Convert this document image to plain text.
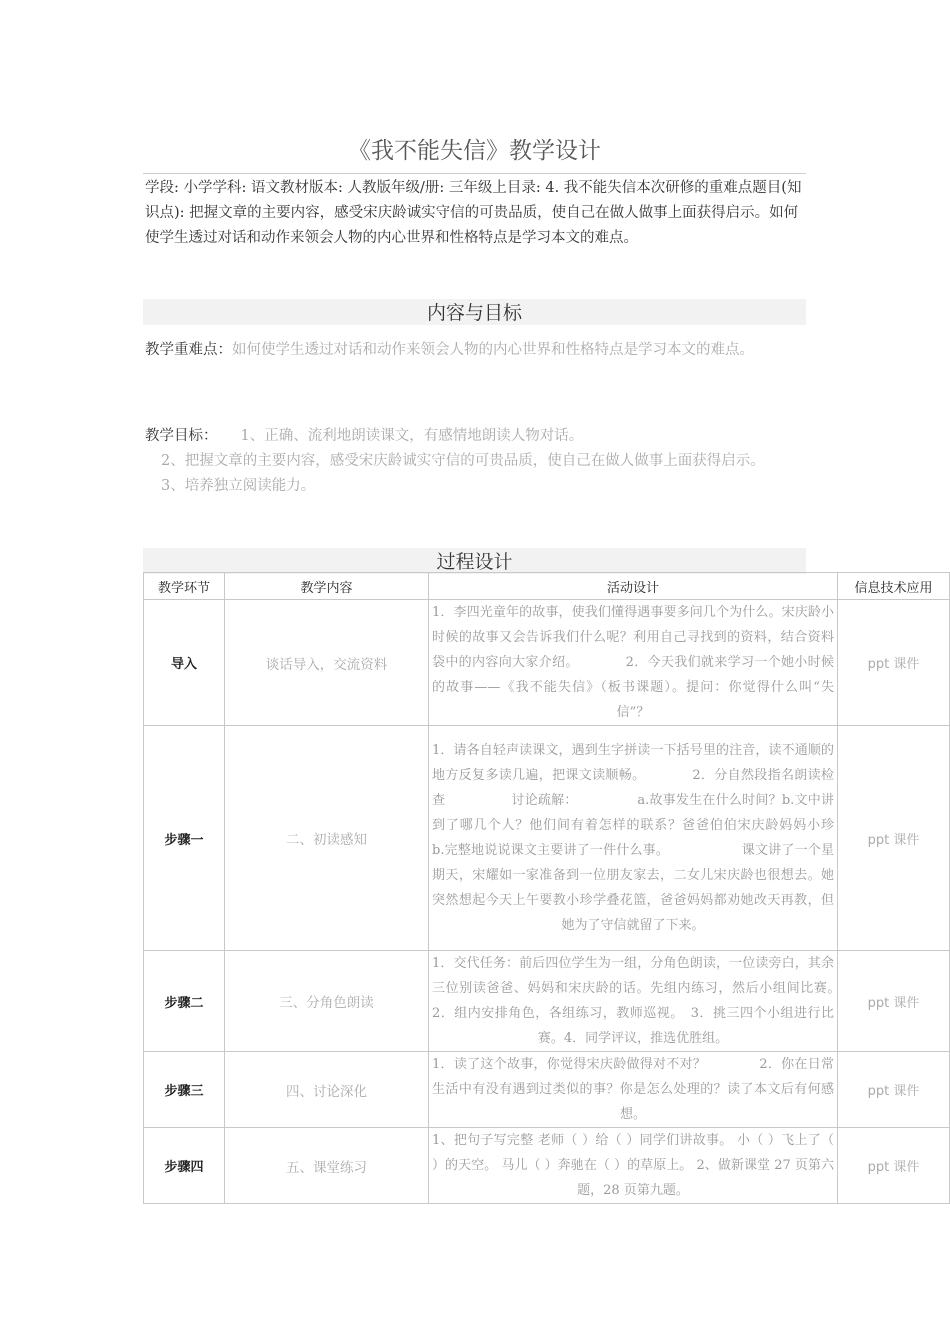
《我不能失信》教学设计
学段: 小学学科: 语文教材版本: 人教版年级/册: 三年级上目录: 4. 我不能失信本次研修的重难点题目(知识点): 把握文章的主要内容，感受宋庆龄诚实守信的可贵品质，使自己在做人做事上面获得启示。如何使学生透过对话和动作来领会人物的内心世界和性格特点是学习本文的难点。
内容与目标
教学重难点：如何使学生透过对话和动作来领会人物的内心世界和性格特点是学习本文的难点。
教学目标： 1、正确、流利地朗读课文，有感情地朗读人物对话。
2、把握文章的主要内容，感受宋庆龄诚实守信的可贵品质，使自己在做人做事上面获得启示。
3、培养独立阅读能力。
过程设计
教学环节	教学内容	活动设计	信息技术应用
导入	谈话导入，交流资料	1．李四光童年的故事，使我们懂得遇事要多问几个为什么。宋庆龄小时候的故事又会告诉我们什么呢？利用自己寻找到的资料，结合资料袋中的内容向大家介绍。　　　　2．今天我们就来学习一个她小时候的故事——《我不能失信》（板书课题）。提问：你觉得什么叫“失信”？	ppt 课件
步骤一	二、初读感知	1．请各自轻声读课文，遇到生字拼读一下括号里的注音，读不通顺的地方反复多读几遍，把课文读顺畅。　　　　2．分自然段指名朗读检查　　　　　讨论疏解：　　　　　a.故事发生在什么时间？b.文中讲到了哪几个人？他们间有着怎样的联系？爸爸伯伯宋庆龄妈妈小珍　　　　　b.完整地说说课文主要讲了一件什么事。　　　　　　课文讲了一个星期天，宋耀如一家准备到一位朋友家去，二女儿宋庆龄也很想去。她突然想起今天上午要教小珍学叠花篮，爸爸妈妈都劝她改天再教，但她为了守信就留了下来。	ppt 课件
步骤二	三、分角色朗读	1．交代任务：前后四位学生为一组，分角色朗读，一位读旁白，其余三位别读爸爸、妈妈和宋庆龄的话。先组内练习，然后小组间比赛。　　　2．组内安排角色，各组练习，教师巡视。　3．挑三四个小组进行比赛。4．同学评议，推选优胜组。	ppt 课件
步骤三	四、讨论深化	1．读了这个故事，你觉得宋庆龄做得对不对？　　　　2．你在日常生活中有没有遇到过类似的事？你是怎么处理的？读了本文后有何感想。	ppt 课件
步骤四	五、课堂练习	1、把句子写完整 老师（ ）给（ ）同学们讲故事。 小（ ）飞上了（ ）的天空。 马儿（ ）奔驰在（ ）的草原上。 2、做新课堂 27 页第六题，28 页第九题。	ppt 课件
